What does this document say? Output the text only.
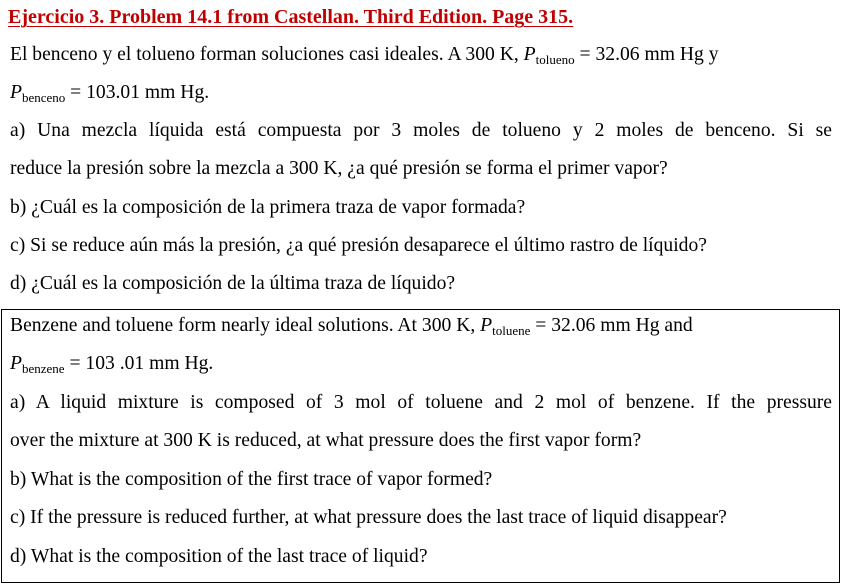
Ejercicio 3. Problem 14.1 from Castellan. Third Edition. Page 315.
El benceno y el tolueno forman soluciones casi ideales. A 300 K, $P_{tolueno} = 32.06$ mm Hg y
$P_{benceno} = 103.01$ mm Hg.
a) Una mezcla líquida está compuesta por 3 moles de tolueno y 2 moles de benceno. Si se
reduce la presión sobre la mezcla a 300 K, ¿a qué presión se forma el primer vapor?
b) ¿Cuál es la composición de la primera traza de vapor formada?
c) Si se reduce aún más la presión, ¿a qué presión desaparece el último rastro de líquido?
d) ¿Cuál es la composición de la última traza de líquido?
Benzene and toluene form nearly ideal solutions. At 300 K, $P_{toluene} = 32.06$ mm Hg and
$P_{benzene} = 103$ .01 mm Hg.
a) A liquid mixture is composed of 3 mol of toluene and 2 mol of benzene. If the pressure
over the mixture at 300 K is reduced, at what pressure does the first vapor form?
b) What is the composition of the first trace of vapor formed?
c) If the pressure is reduced further, at what pressure does the last trace of liquid disappear?
d) What is the composition of the last trace of liquid?
